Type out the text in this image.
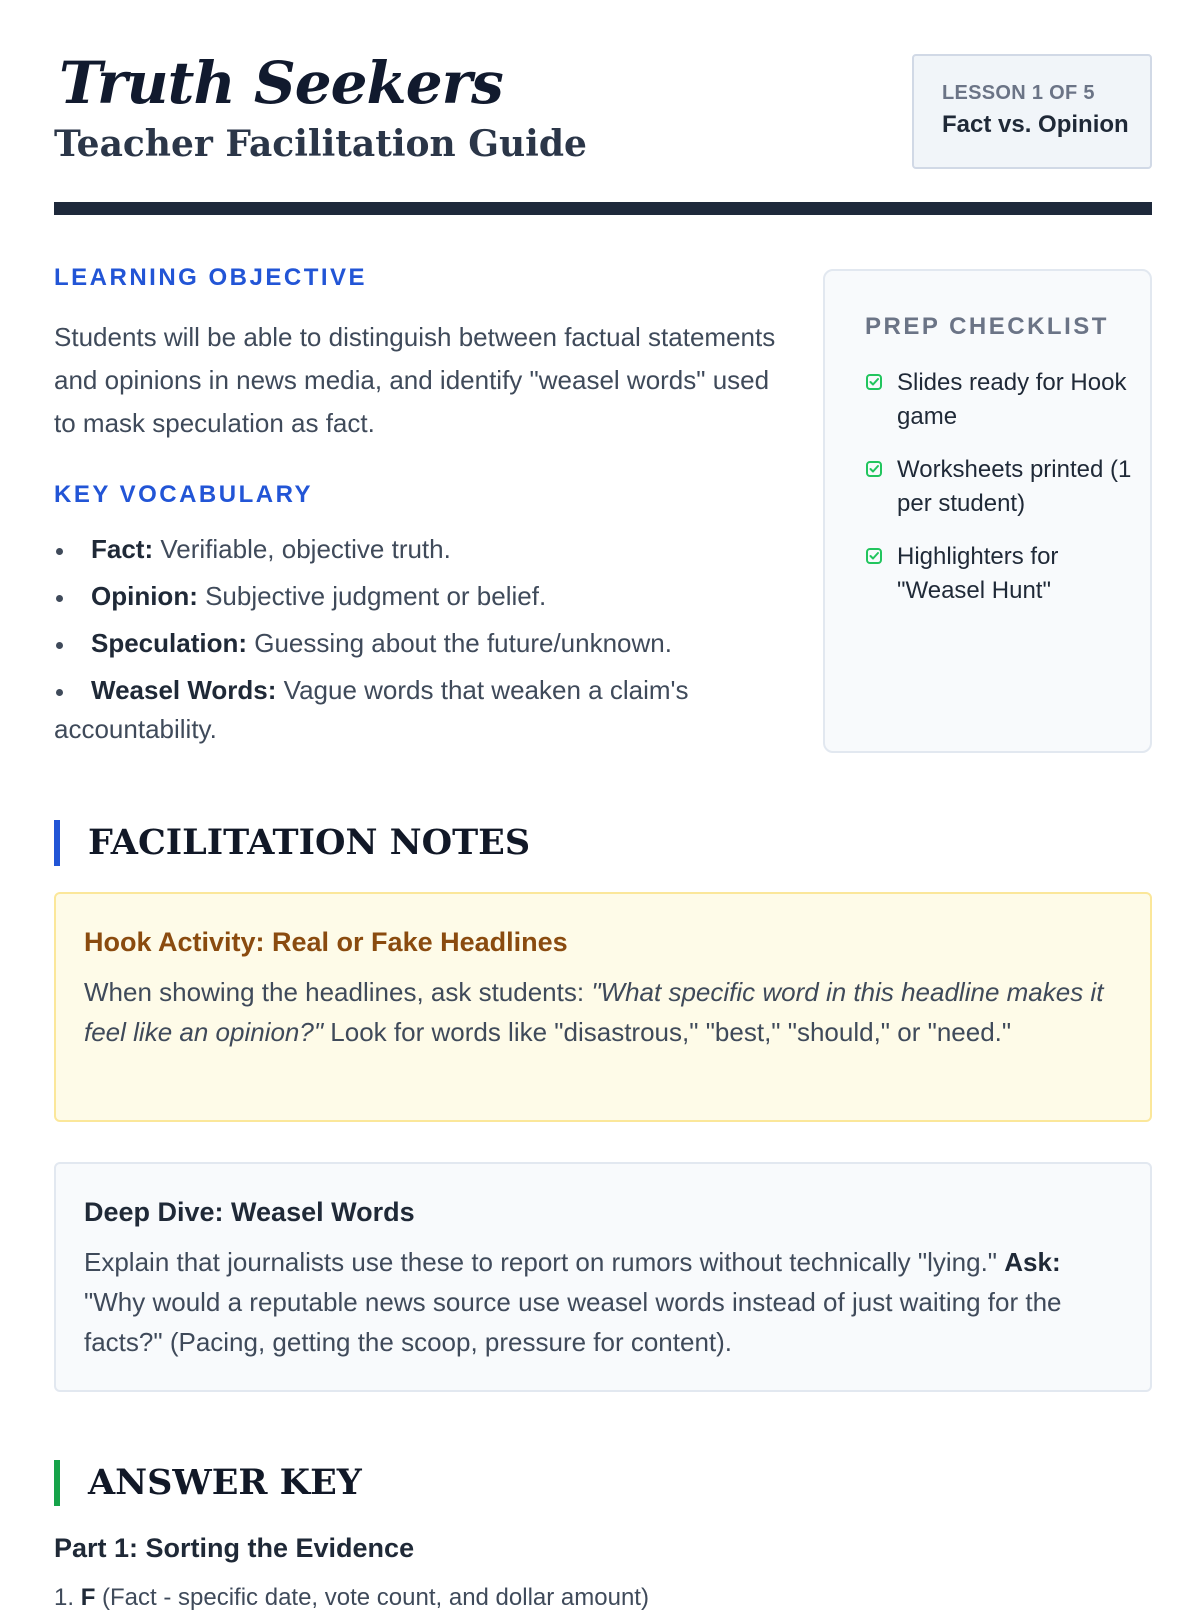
Truth Seekers
Teacher Facilitation Guide
LESSON 1 OF 5
Fact vs. Opinion
LEARNING OBJECTIVE

Students will be able to distinguish between factual statements and opinions in news media, and identify "weasel words" used to mask speculation as fact.

KEY VOCABULARY
Fact: Verifiable, objective truth.
Opinion: Subjective judgment or belief.
Speculation: Guessing about the future/unknown.
Weasel Words: Vague words that weaken a claim's accountability.
PREP CHECKLIST
Slides ready for Hook game
Worksheets printed (1 per student)
Highlighters for "Weasel Hunt"
FACILITATION NOTES
Hook Activity: Real or Fake Headlines

When showing the headlines, ask students: "What specific word in this headline makes it feel like an opinion?" Look for words like "disastrous," "best," "should," or "need."

Deep Dive: Weasel Words

Explain that journalists use these to report on rumors without technically "lying." Ask: "Why would a reputable news source use weasel words instead of just waiting for the facts?" (Pacing, getting the scoop, pressure for content).

ANSWER KEY
Part 1: Sorting the Evidence

1. F (Fact - specific date, vote count, and dollar amount)
